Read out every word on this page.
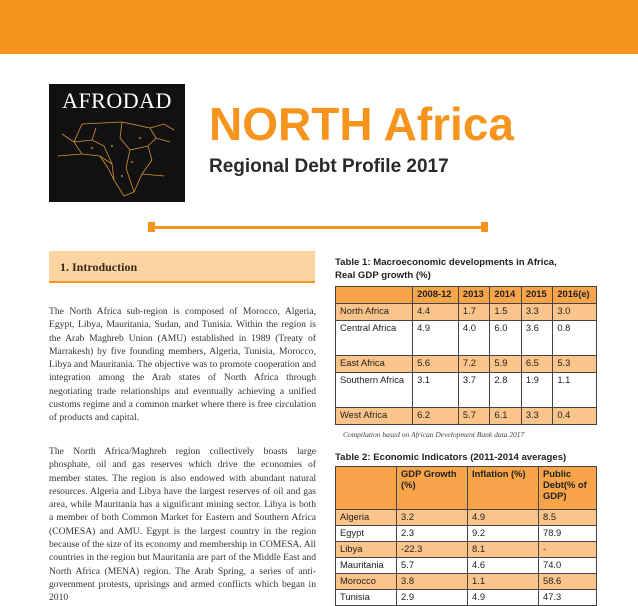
AFRODAD NORTH Africa
Regional Debt Profile 2017
1. Introduction

The North Africa sub-region is composed of Morocco, Algeria, Egypt, Libya, Mauritania, Sudan, and Tunisia. Within the region is the Arab Maghreb Union (AMU) established in 1989 (Treaty of Marrakesh) by five founding members, Algeria, Tunisia, Morocco, Libya and Mauritania. The objective was to promote cooperation and integration among the Arab states of North Africa through negotiating trade relationships and eventually achieving a unified customs regime and a common market where there is free circulation of products and capital.

The North Africa/Maghreb region collectively boasts large phosphate, oil and gas reserves which drive the economies of member states. The region is also endowed with abundant natural resources. Algeria and Libya have the largest reserves of oil and gas area, while Mauritania has a significant mining sector. Libya is both a member of both Common Market for Eastern and Southern Africa (COMESA) and AMU. Egypt is the largest country in the region because of the size of its economy and membership in COMESA. All countries in the region but Mauritania are part of the Middle East and North Africa (MENA) region. The Arab Spring, a series of anti-government protests, uprisings and armed conflicts which began in 2010

Table 1: Macroeconomic developments in Africa,
Real GDP growth (%)
	2008-12	2013	2014	2015	2016(e)
North Africa	4.4	1.7	1.5	3.3	3.0
Central Africa	4.9	4.0	6.0	3.6	0.8
East Africa	5.6	7.2	5.9	6.5	5.3
Southern Africa	3.1	3.7	2.8	1.9	1.1
West Africa	6.2	5.7	6.1	3.3	0.4
Compilation based on African Development Bank data 2017
Table 2: Economic Indicators (2011-2014 averages)
	GDP Growth (%)	Inflation (%)	Public Debt(% of GDP)
Algeria	3.2	4.9	8.5
Egypt	2.3	9.2	78.9
Libya	-22.3	8.1	-
Mauritania	5.7	4.6	74.0
Morocco	3.8	1.1	58.6
Tunisia	2.9	4.9	47.3
